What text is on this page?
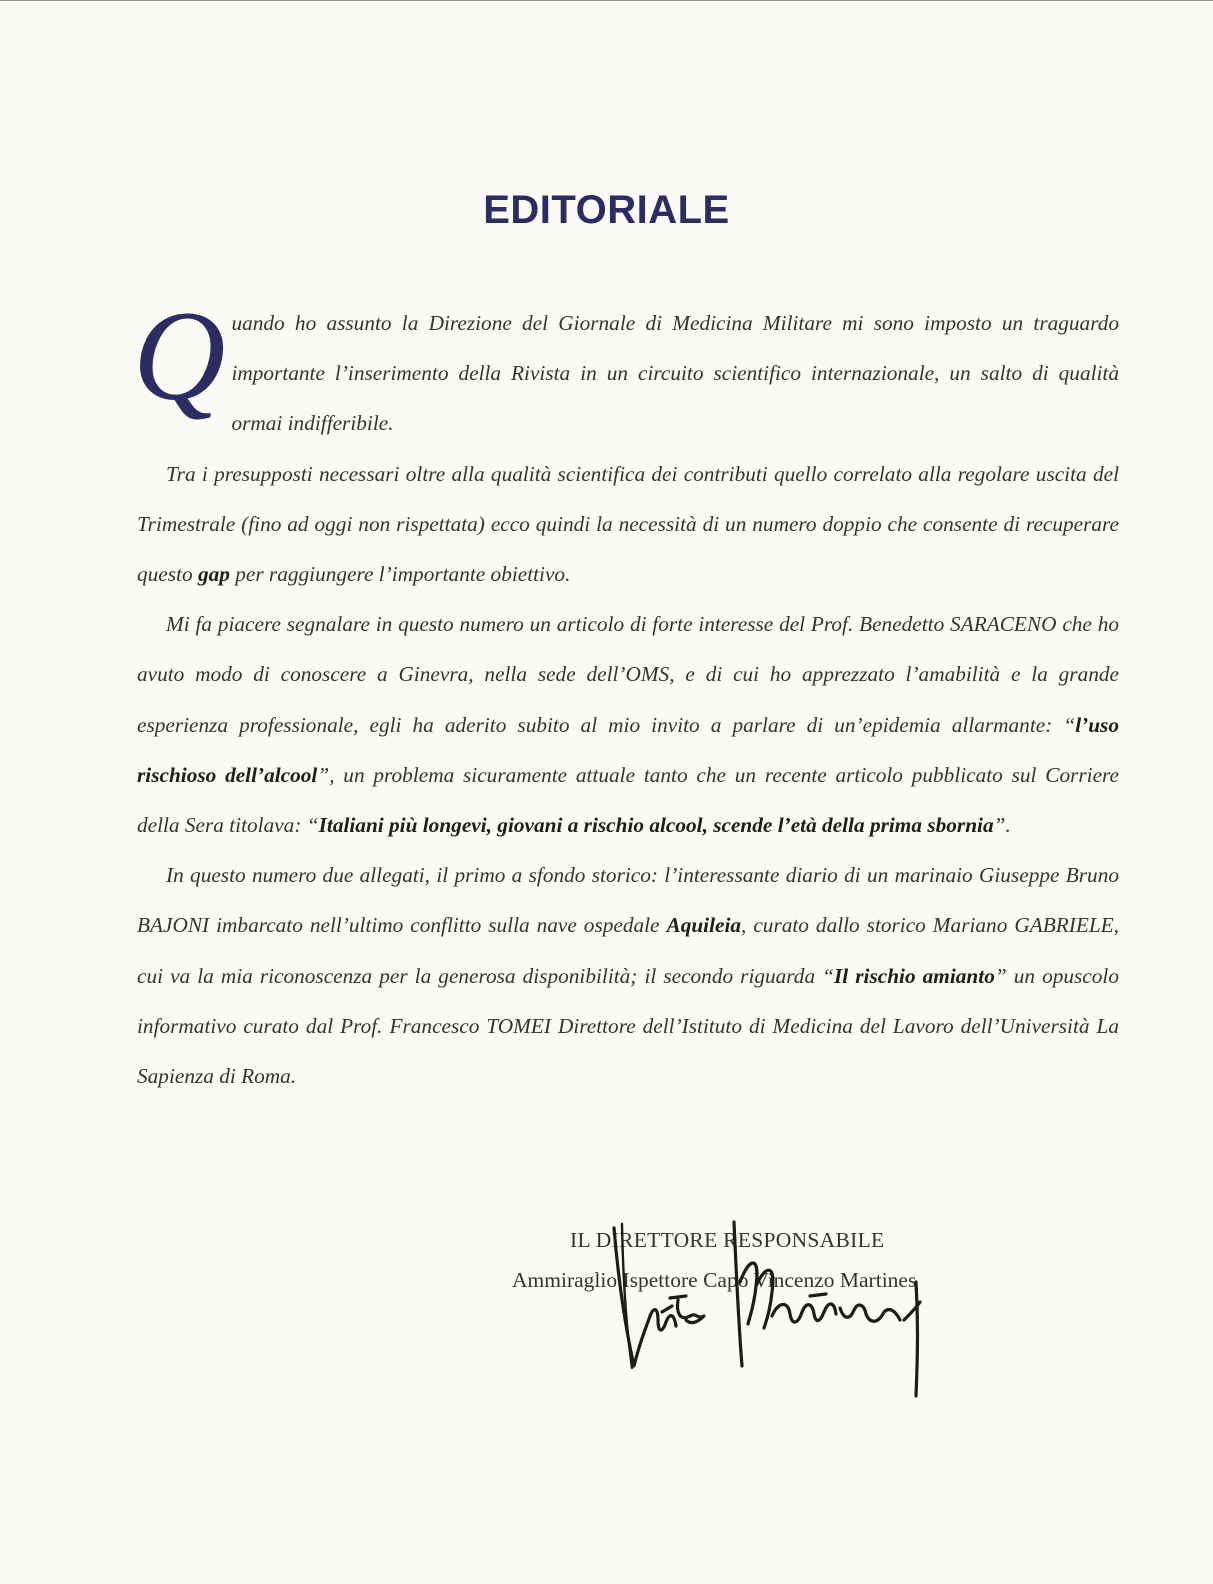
EDITORIALE

Q uando ho assunto la Direzione del Giornale di Medicina Militare mi sono imposto un traguardo importante l’inserimento della Rivista in un circuito scientifico internazionale, un salto di qualità ormai indifferibile.

Tra i presupposti necessari oltre alla qualità scientifica dei contributi quello correlato alla regolare uscita del Trimestrale (fino ad oggi non rispettata) ecco quindi la necessità di un numero doppio che consente di recuperare questo gap per raggiungere l’importante obiettivo.

Mi fa piacere segnalare in questo numero un articolo di forte interesse del Prof. Benedetto SARACENO che ho avuto modo di conoscere a Ginevra, nella sede dell’OMS, e di cui ho apprezzato l’amabilità e la grande esperienza professionale, egli ha aderito subito al mio invito a parlare di un’epidemia allarmante: “l’uso rischioso dell’alcool”, un problema sicuramente attuale tanto che un recente articolo pubblicato sul Corriere della Sera titolava: “Italiani più longevi, giovani a rischio alcool, scende l’età della prima sbornia”.

In questo numero due allegati, il primo a sfondo storico: l’interessante diario di un marinaio Giuseppe Bruno BAJONI imbarcato nell’ultimo conflitto sulla nave ospedale Aquileia, curato dallo storico Mariano GABRIELE, cui va la mia riconoscenza per la generosa disponibilità; il secondo riguarda “Il rischio amianto” un opuscolo informativo curato dal Prof. Francesco TOMEI Direttore dell’Istituto di Medicina del Lavoro dell’Università La Sapienza di Roma.

IL DIRETTORE RESPONSABILE
Ammiraglio Ispettore Capo Vincenzo Martines
